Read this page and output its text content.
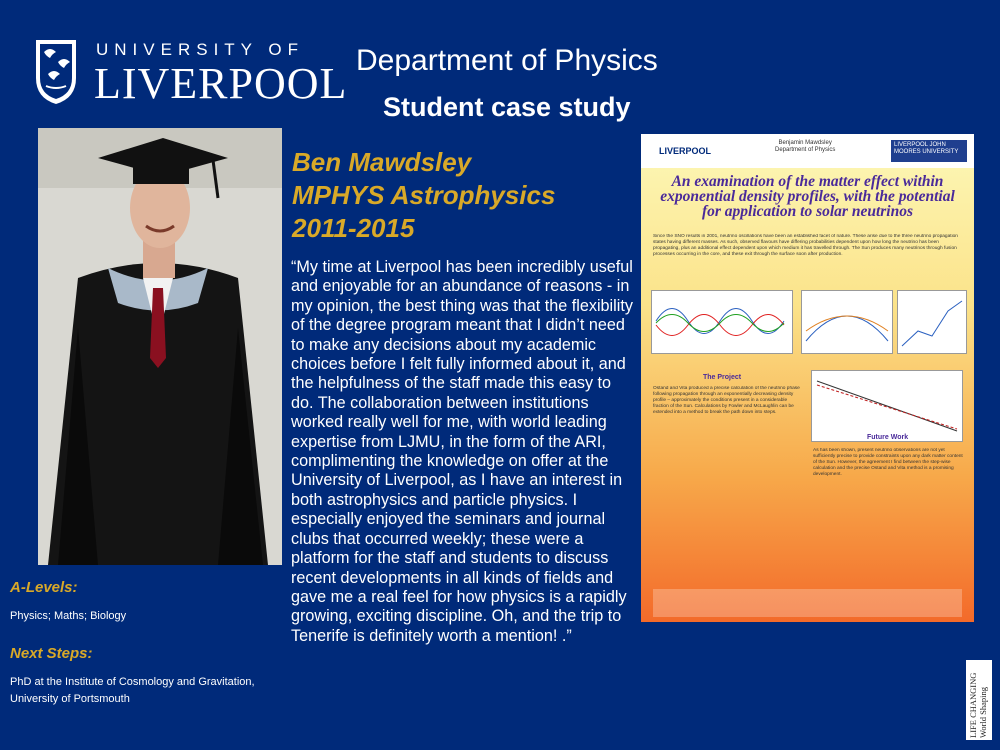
UNIVERSITY OF
LIVERPOOL Department of Physics
Student case study
A-Levels:
Physics; Maths; Biology
Next Steps:
PhD at the Institute of Cosmology and Gravitation, University of Portsmouth
Ben Mawdsley
MPHYS Astrophysics
2011-2015
“My time at Liverpool has been incredibly useful and enjoyable for an abundance of reasons - in my opinion, the best thing was that the flexibility of the degree program meant that I didn’t need to make any decisions about my academic choices before I felt fully informed about it, and the helpfulness of the staff made this easy to do. The collaboration between institutions worked really well for me, with world leading expertise from LJMU, in the form of the ARI, complimenting the knowledge on offer at the University of Liverpool, as I have an interest in both astrophysics and particle physics. I especially enjoyed the seminars and journal clubs that occurred weekly; these were a platform for the staff and students to discuss recent developments in all kinds of fields and gave me a real feel for how physics is a rapidly growing, exciting discipline. Oh, and the trip to Tenerife is definitely worth a mention! .”
LIVERPOOL
Benjamin Mawdsley
Department of Physics
LIVERPOOL JOHN MOORES UNIVERSITY
An examination of the matter effect within exponential density profiles, with the potential for application to solar neutrinos
Since the SNO results in 2001, neutrino oscillations have been an established facet of nature. These arise due to the three neutrino propagation states having different masses. As such, observed flavours have differing probabilities dependent upon how long the neutrino has been propagating, plus an additional effect dependent upon which medium it has travelled through. The Sun produces many neutrinos through fusion processes occurring in the core, and these exit through the surface soon after production.
The Project
Ostand and Vita produced a precise calculation of the neutrino phase following propagation through an exponentially decreasing density profile – approximately the conditions present in a considerable fraction of the Sun. Calculations by Fowler and McLaughlin can be extended into a method to break the path down into steps.
Future Work
As has been shown, present neutrino observations are not yet sufficiently precise to provide constraints upon any dark matter content of the Sun. However, the agreement I find between the step-wise calculation and the precise Ostand and Vita method is a promising development.
LIFE CHANGING World Shaping
